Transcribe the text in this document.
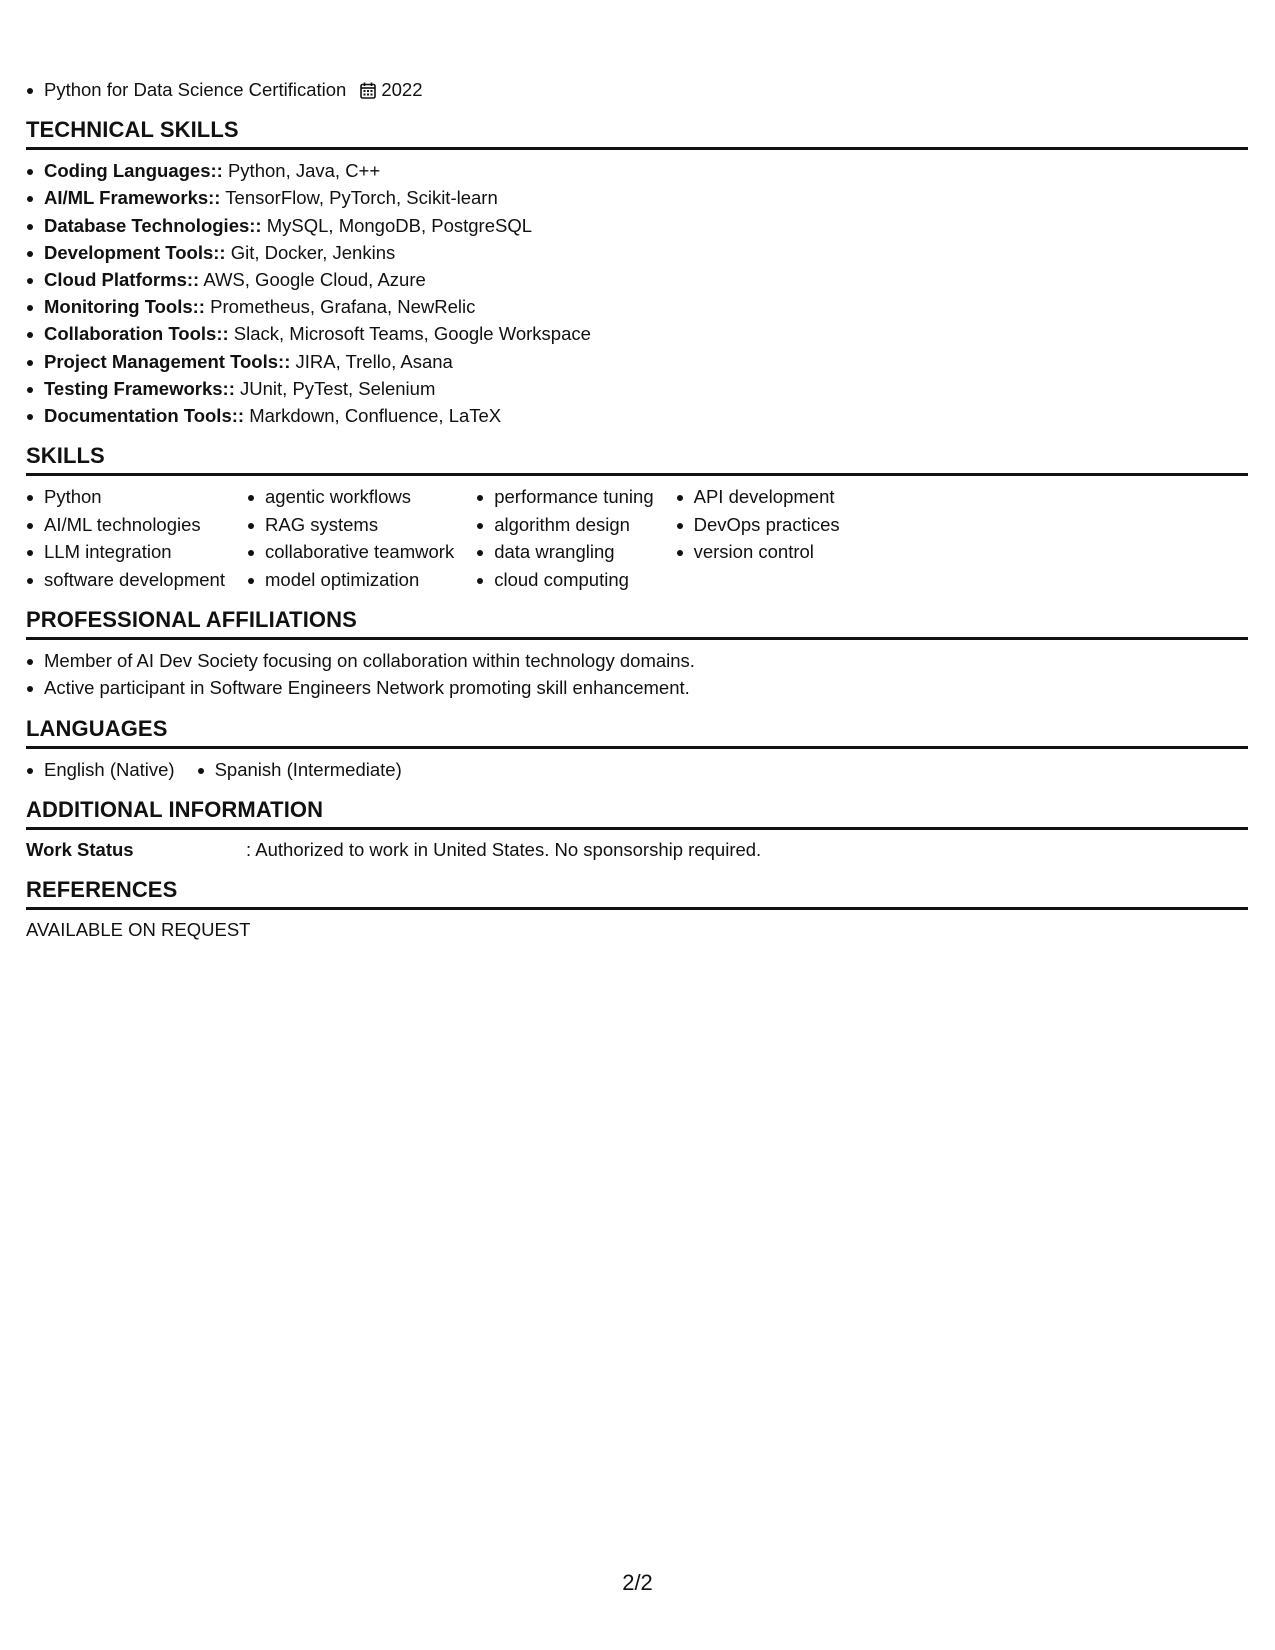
Python for Data Science Certification 2022
TECHNICAL SKILLS
Coding Languages:: Python, Java, C++
AI/ML Frameworks:: TensorFlow, PyTorch, Scikit-learn
Database Technologies:: MySQL, MongoDB, PostgreSQL
Development Tools:: Git, Docker, Jenkins
Cloud Platforms:: AWS, Google Cloud, Azure
Monitoring Tools:: Prometheus, Grafana, NewRelic
Collaboration Tools:: Slack, Microsoft Teams, Google Workspace
Project Management Tools:: JIRA, Trello, Asana
Testing Frameworks:: JUnit, PyTest, Selenium
Documentation Tools:: Markdown, Confluence, LaTeX
SKILLS
Python
AI/ML technologies
LLM integration
software development
agentic workflows
RAG systems
collaborative teamwork
model optimization
performance tuning
algorithm design
data wrangling
cloud computing
API development
DevOps practices
version control
PROFESSIONAL AFFILIATIONS
Member of AI Dev Society focusing on collaboration within technology domains.
Active participant in Software Engineers Network promoting skill enhancement.
LANGUAGES
English (Native)	Spanish (Intermediate)
ADDITIONAL INFORMATION
Work Status	: Authorized to work in United States. No sponsorship required.
REFERENCES
AVAILABLE ON REQUEST
2/2
